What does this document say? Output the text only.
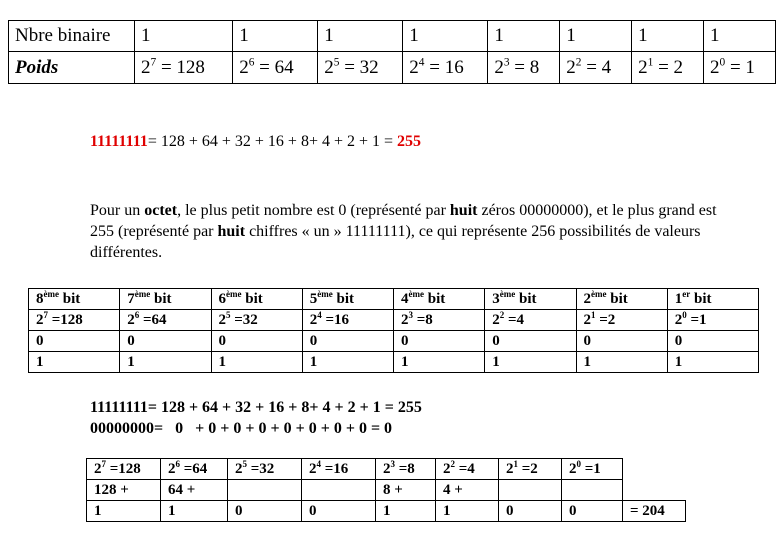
Nbre binaire	1	1	1	1	1	1	1	1
Poids	$2^7 = 128$	$2^6 = 64$	$2^5 = 32$	$2^4 = 16$	$2^3 = 8$	$2^2 = 4$	$2^1 = 2$	$2^0 = 1$
11111111= 128 + 64 + 32 + 16 + 8+ 4 + 2 + 1 = 255
Pour un octet, le plus petit nombre est 0 (représenté par huit zéros 00000000), et le plus grand est 255 (représenté par huit chiffres « un » 11111111), ce qui représente 256 possibilités de valeurs différentes.
8ème bit	7ème bit	6ème bit	5ème bit	4ème bit	3ème bit	2ème bit	1er bit
$2^7 =128$	$2^6 =64$	$2^5 =32$	$2^4 =16$	$2^3 =8$	$2^2 =4$	$2^1 =2$	$2^0 =1$
0	0	0	0	0	0	0	0
1	1	1	1	1	1	1	1
11111111= 128 + 64 + 32 + 16 + 8+ 4 + 2 + 1 = 255
00000000=   0   + 0 + 0 + 0 + 0 + 0 + 0 + 0 = 0
$2^7 =128$	$2^6 =64$	$2^5 =32$	$2^4 =16$	$2^3 =8$	$2^2 =4$	$2^1 =2$	$2^0 =1$	
128 +	64 +			8 +	4 +			
1	1	0	0	1	1	0	0	= 204
